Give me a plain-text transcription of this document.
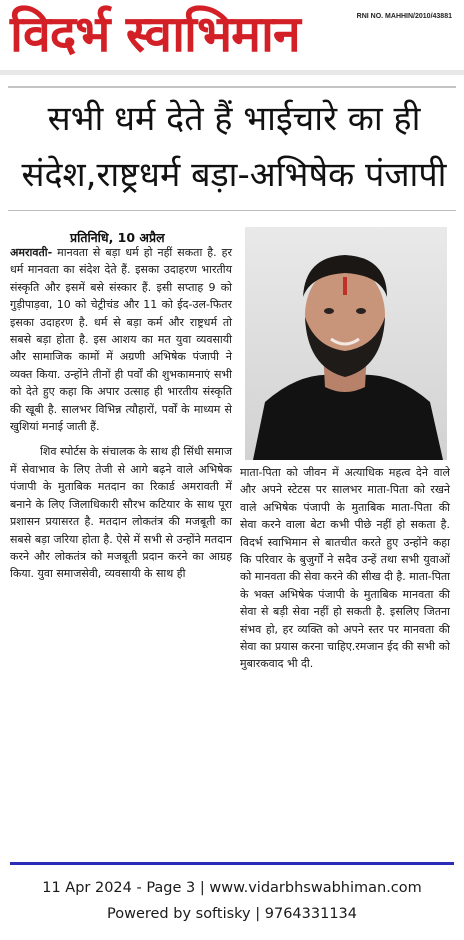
विदर्भ स्वाभिमान	RNI NO. MAHHIN/2010/43881
सभी धर्म देते हैं भाईचारे का ही
संदेश,राष्ट्रधर्म बड़ा-अभिषेक पंजापी
प्रतिनिधि, 10 अप्रैल

अमरावती- मानवता से बड़ा धर्म हो नहीं सकता है. हर धर्म मानवता का संदेश देते हैं. इसका उदाहरण भारतीय संस्कृति और इसमें बसे संस्कार हैं. इसी सप्ताह 9 को गुड़ीपाड़वा, 10 को चेट्रीचंड और 11 को ईद-उल-फितर इसका उदाहरण है. धर्म से बड़ा कर्म और राष्ट्रधर्म तो सबसे बड़ा होता है. इस आशय का मत युवा व्यवसायी और सामाजिक कामों में अग्रणी अभिषेक पंजापी ने व्यक्त किया. उन्होंने तीनों ही पर्वों की शुभकामनाएं सभी को देते हुए कहा कि अपार उत्साह ही भारतीय संस्कृति की खूबी है. सालभर विभिन्न त्यौहारों, पर्वों के माध्यम से खुशियां मनाई जाती हैं.

शिव स्पोर्टस के संचालक के साथ ही सिंधी समाज में सेवाभाव के लिए तेजी से आगे बढ़ने वाले अभिषेक पंजापी के मुताबिक मतदान का रिकार्ड अमरावती में बनाने के लिए जिलाधिकारी सौरभ कटियार के साथ पूरा प्रशासन प्रयासरत है. मतदान लोकतंत्र की मजबूती का सबसे बड़ा जरिया होता है. ऐसे में सभी से उन्होंने मतदान करने और लोकतंत्र को मजबूती प्रदान करने का आग्रह किया. युवा समाजसेवी, व्यवसायी के साथ ही

माता-पिता को जीवन में अत्याधिक महत्व देने वाले और अपने स्टेटस पर सालभर माता-पिता को रखने वाले अभिषेक पंजापी के मुताबिक माता-पिता की सेवा करने वाला बेटा कभी पीछे नहीं हो सकता है. विदर्भ स्वाभिमान से बातचीत करते हुए उन्होंने कहा कि परिवार के बुजुर्गों ने सदैव उन्हें तथा सभी युवाओं को मानवता की सेवा करने की सीख दी है. माता-पिता के भक्त अभिषेक पंजापी के मुताबिक मानवता की सेवा से बड़ी सेवा नहीं हो सकती है. इसलिए जितना संभव हो, हर व्यक्ति को अपने स्तर पर मानवता की सेवा का प्रयास करना चाहिए.रमजान ईद की सभी को मुबारकवाद भी दी.

11 Apr 2024 - Page 3 | www.vidarbhswabhiman.com
Powered by softisky | 9764331134
